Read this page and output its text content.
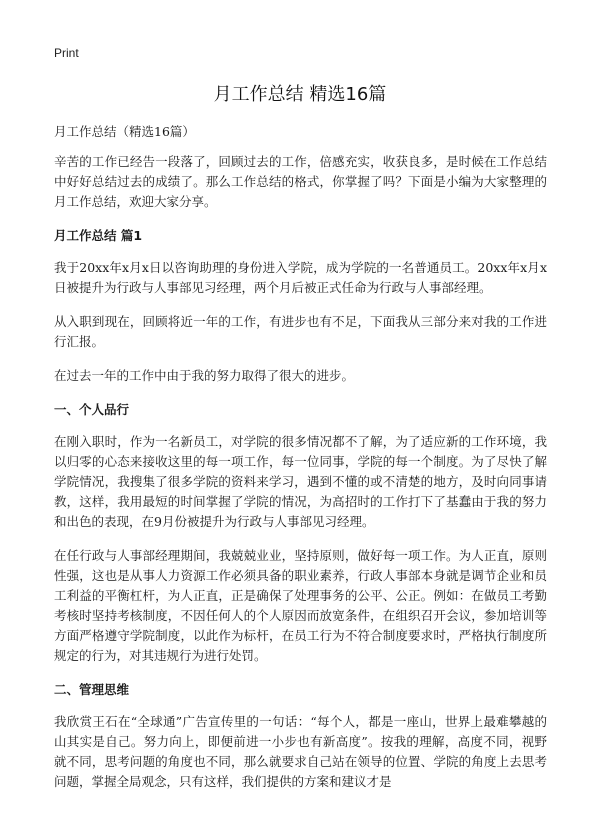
Print
月工作总结 精选16篇

月工作总结（精选16篇）

辛苦的工作已经告一段落了，回顾过去的工作，倍感充实，收获良多，是时候在工作总结中好好总结过去的成绩了。那么工作总结的格式，你掌握了吗？下面是小编为大家整理的月工作总结，欢迎大家分享。

月工作总结 篇1

我于20xx年x月x日以咨询助理的身份进入学院，成为学院的一名普通员工。20xx年x月x日被提升为行政与人事部见习经理，两个月后被正式任命为行政与人事部经理。

从入职到现在，回顾将近一年的工作，有进步也有不足，下面我从三部分来对我的工作进行汇报。

在过去一年的工作中由于我的努力取得了很大的进步。

一、个人品行

在刚入职时，作为一名新员工，对学院的很多情况都不了解，为了适应新的工作环境，我以归零的心态来接收这里的每一项工作，每一位同事，学院的每一个制度。为了尽快了解学院情况，我搜集了很多学院的资料来学习，遇到不懂的或不清楚的地方，及时向同事请教，这样，我用最短的时间掌握了学院的情况，为高招时的工作打下了基蠢由于我的努力和出色的表现，在9月份被提升为行政与人事部见习经理。

在任行政与人事部经理期间，我兢兢业业，坚持原则，做好每一项工作。为人正直，原则性强，这也是从事人力资源工作必须具备的职业素养，行政人事部本身就是调节企业和员工利益的平衡杠杆，为人正直，正是确保了处理事务的公平、公正。例如：在做员工考勤考核时坚持考核制度，不因任何人的个人原因而放宽条件，在组织召开会议，参加培训等方面严格遵守学院制度，以此作为标杆，在员工行为不符合制度要求时，严格执行制度所规定的行为，对其违规行为进行处罚。

二、管理思维

我欣赏王石在“全球通”广告宣传里的一句话：“每个人，都是一座山，世界上最难攀越的山其实是自己。努力向上，即便前进一小步也有新高度”。按我的理解，高度不同，视野就不同，思考问题的角度也不同，那么就要求自己站在领导的位置、学院的角度上去思考问题，掌握全局观念，只有这样，我们提供的方案和建议才是
